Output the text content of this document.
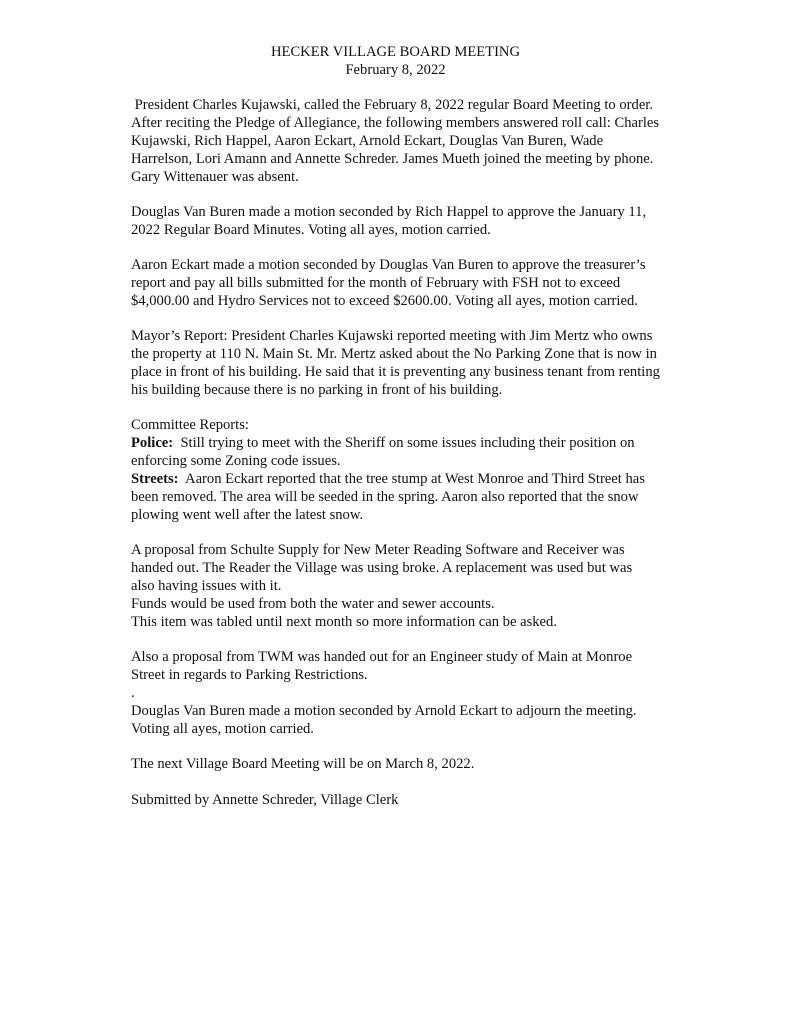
HECKER VILLAGE BOARD MEETING
February 8, 2022
President Charles Kujawski, called the February 8, 2022 regular Board Meeting to order.
After reciting the Pledge of Allegiance, the following members answered roll call: Charles
Kujawski, Rich Happel, Aaron Eckart, Arnold Eckart, Douglas Van Buren, Wade
Harrelson, Lori Amann and Annette Schreder. James Mueth joined the meeting by phone.
Gary Wittenauer was absent.
Douglas Van Buren made a motion seconded by Rich Happel to approve the January 11,
2022 Regular Board Minutes. Voting all ayes, motion carried.
Aaron Eckart made a motion seconded by Douglas Van Buren to approve the treasurer’s
report and pay all bills submitted for the month of February with FSH not to exceed
$4,000.00 and Hydro Services not to exceed $2600.00. Voting all ayes, motion carried.
Mayor’s Report: President Charles Kujawski reported meeting with Jim Mertz who owns
the property at 110 N. Main St. Mr. Mertz asked about the No Parking Zone that is now in
place in front of his building. He said that it is preventing any business tenant from renting
his building because there is no parking in front of his building.
Committee Reports:
Police:  Still trying to meet with the Sheriff on some issues including their position on
enforcing some Zoning code issues.
Streets:  Aaron Eckart reported that the tree stump at West Monroe and Third Street has
been removed. The area will be seeded in the spring. Aaron also reported that the snow
plowing went well after the latest snow.
A proposal from Schulte Supply for New Meter Reading Software and Receiver was
handed out. The Reader the Village was using broke. A replacement was used but was
also having issues with it.
Funds would be used from both the water and sewer accounts.
This item was tabled until next month so more information can be asked.
Also a proposal from TWM was handed out for an Engineer study of Main at Monroe
Street in regards to Parking Restrictions.
.
Douglas Van Buren made a motion seconded by Arnold Eckart to adjourn the meeting.
Voting all ayes, motion carried.
The next Village Board Meeting will be on March 8, 2022.
Submitted by Annette Schreder, Village Clerk
